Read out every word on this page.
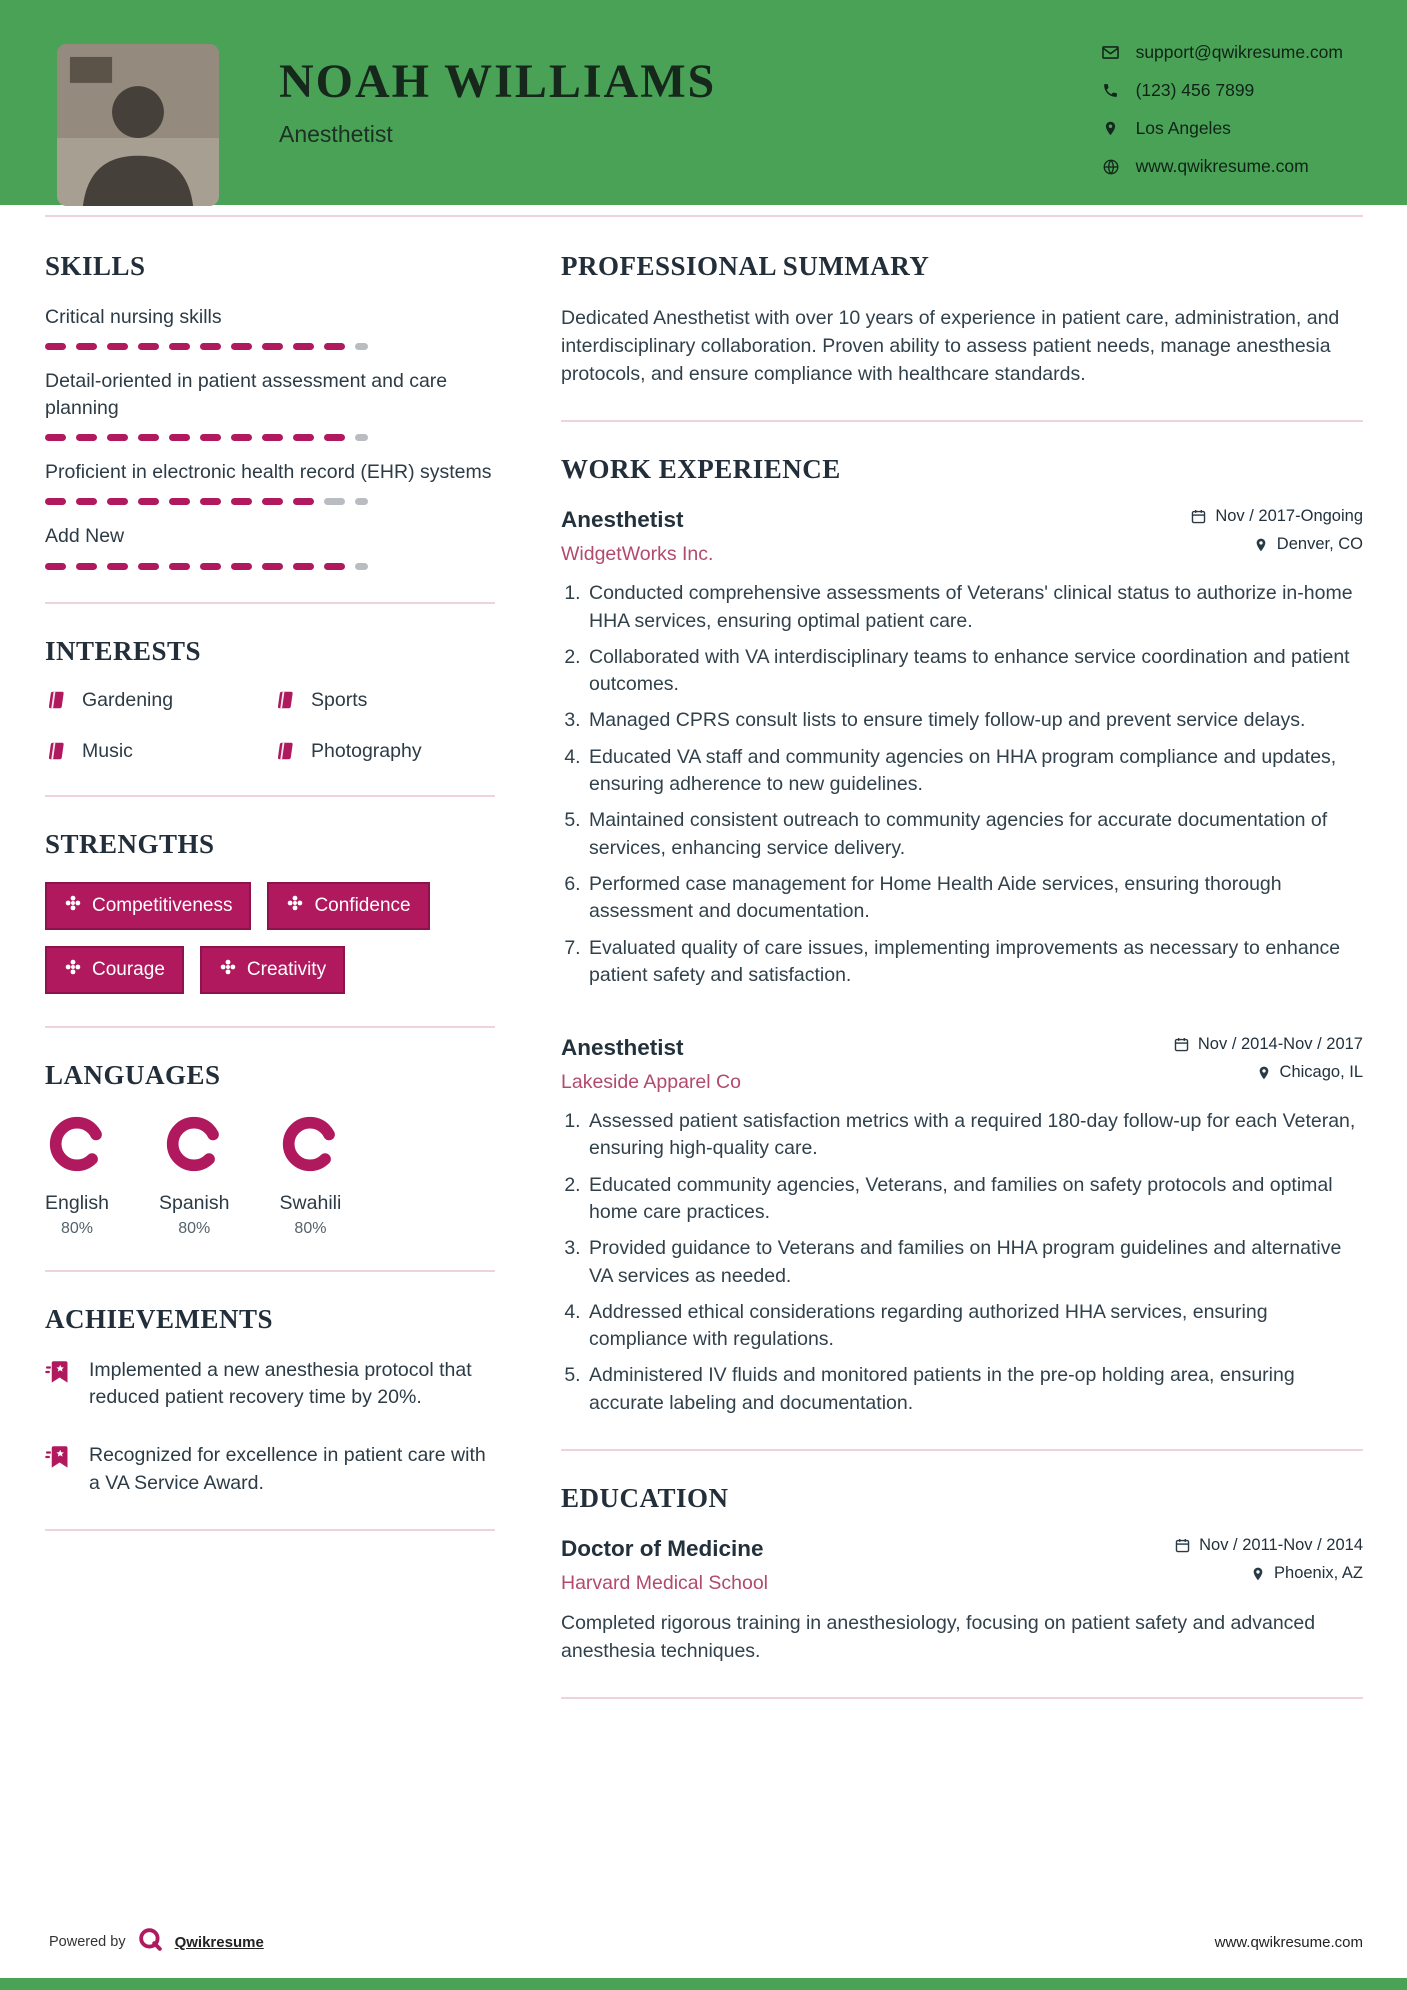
NOAH WILLIAMS
Anesthetist
support@qwikresume.com
(123) 456 7899
Los Angeles
www.qwikresume.com
SKILLS
Critical nursing skills
Detail-oriented in patient assessment and care planning
Proficient in electronic health record (EHR) systems
Add New
INTERESTS
Gardening	Sports
Music	Photography
STRENGTHS
Competitiveness	Confidence
Courage	Creativity
LANGUAGES
English
80%
Spanish
80%
Swahili
80%
ACHIEVEMENTS
Implemented a new anesthesia protocol that reduced patient recovery time by 20%.
Recognized for excellence in patient care with a VA Service Award.
PROFESSIONAL SUMMARY

Dedicated Anesthetist with over 10 years of experience in patient care, administration, and interdisciplinary collaboration. Proven ability to assess patient needs, manage anesthesia protocols, and ensure compliance with healthcare standards.

WORK EXPERIENCE
Anesthetist
WidgetWorks Inc.
Nov / 2017-Ongoing
Denver, CO
1. Conducted comprehensive assessments of Veterans' clinical status to authorize in-home HHA services, ensuring optimal patient care.
2. Collaborated with VA interdisciplinary teams to enhance service coordination and patient outcomes.
3. Managed CPRS consult lists to ensure timely follow-up and prevent service delays.
4. Educated VA staff and community agencies on HHA program compliance and updates, ensuring adherence to new guidelines.
5. Maintained consistent outreach to community agencies for accurate documentation of services, enhancing service delivery.
6. Performed case management for Home Health Aide services, ensuring thorough assessment and documentation.
7. Evaluated quality of care issues, implementing improvements as necessary to enhance patient safety and satisfaction.
Anesthetist
Lakeside Apparel Co
Nov / 2014-Nov / 2017
Chicago, IL
1. Assessed patient satisfaction metrics with a required 180-day follow-up for each Veteran, ensuring high-quality care.
2. Educated community agencies, Veterans, and families on safety protocols and optimal home care practices.
3. Provided guidance to Veterans and families on HHA program guidelines and alternative VA services as needed.
4. Addressed ethical considerations regarding authorized HHA services, ensuring compliance with regulations.
5. Administered IV fluids and monitored patients in the pre-op holding area, ensuring accurate labeling and documentation.
EDUCATION
Doctor of Medicine
Harvard Medical School
Nov / 2011-Nov / 2014
Phoenix, AZ

Completed rigorous training in anesthesiology, focusing on patient safety and advanced anesthesia techniques.

Powered by	Qwikresume	www.qwikresume.com
